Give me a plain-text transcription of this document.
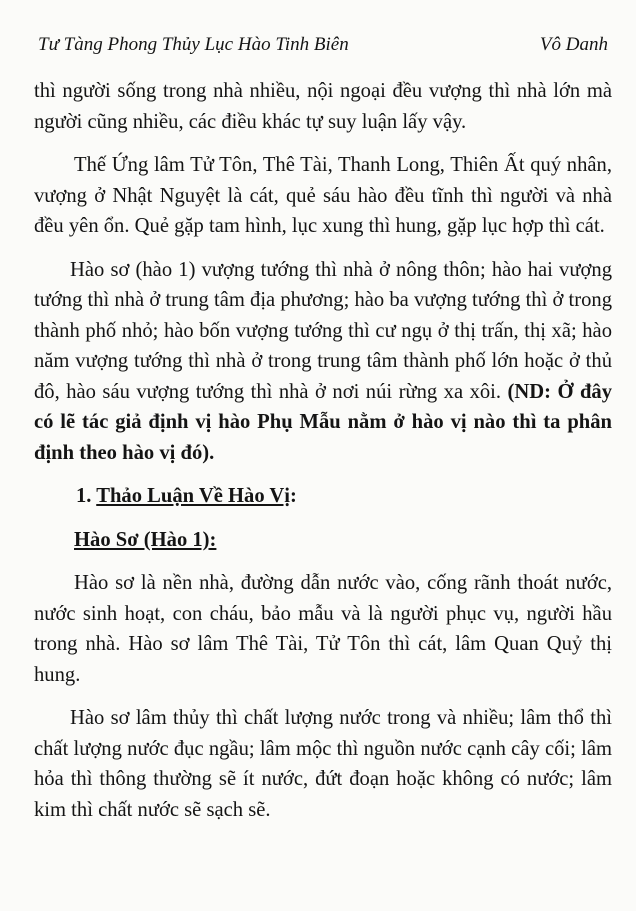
Tư Tàng Phong Thủy Lục Hào Tinh Biên	Vô Danh

thì người sống trong nhà nhiều, nội ngoại đều vượng thì nhà lớn mà người cũng nhiều, các điều khác tự suy luận lấy vậy.

Thế Ứng lâm Tử Tôn, Thê Tài, Thanh Long, Thiên Ất quý nhân, vượng ở Nhật Nguyệt là cát, quẻ sáu hào đều tĩnh thì người và nhà đều yên ổn. Quẻ gặp tam hình, lục xung thì hung, gặp lục hợp thì cát.

Hào sơ (hào 1) vượng tướng thì nhà ở nông thôn; hào hai vượng tướng thì nhà ở trung tâm địa phương; hào ba vượng tướng thì ở trong thành phố nhỏ; hào bốn vượng tướng thì cư ngụ ở thị trấn, thị xã; hào năm vượng tướng thì nhà ở trong trung tâm thành phố lớn hoặc ở thủ đô, hào sáu vượng tướng thì nhà ở nơi núi rừng xa xôi. (ND: Ở đây có lẽ tác giả định vị hào Phụ Mẫu nằm ở hào vị nào thì ta phân định theo hào vị đó).

1. Thảo Luận Về Hào Vị:
Hào Sơ (Hào 1):

Hào sơ là nền nhà, đường dẫn nước vào, cống rãnh thoát nước, nước sinh hoạt, con cháu, bảo mẫu và là người phục vụ, người hầu trong nhà. Hào sơ lâm Thê Tài, Tử Tôn thì cát, lâm Quan Quỷ thị hung.

Hào sơ lâm thủy thì chất lượng nước trong và nhiều; lâm thổ thì chất lượng nước đục ngầu; lâm mộc thì nguồn nước cạnh cây cối; lâm hỏa thì thông thường sẽ ít nước, đứt đoạn hoặc không có nước; lâm kim thì chất nước sẽ sạch sẽ.
